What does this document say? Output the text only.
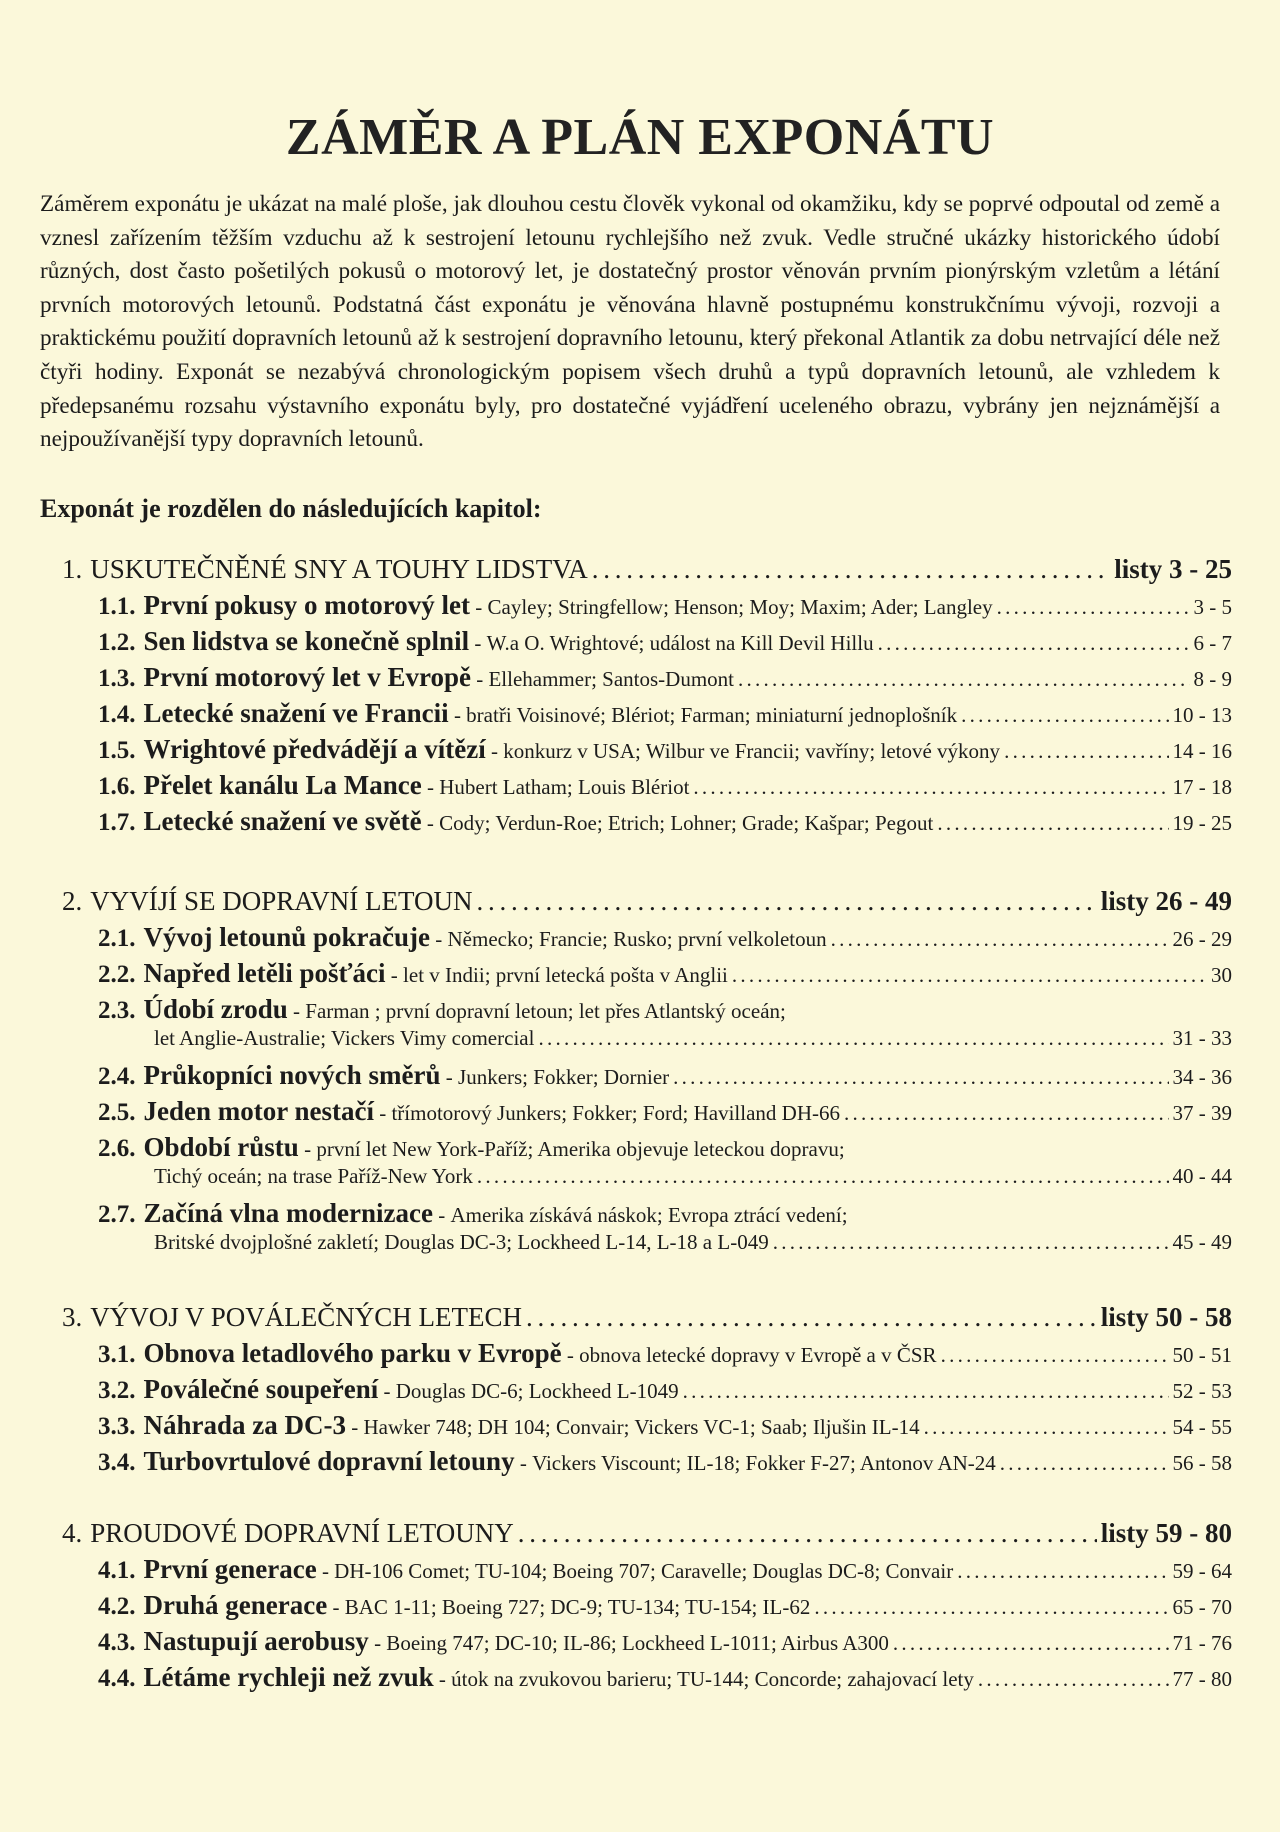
ZÁMĚR A PLÁN EXPONÁTU
Záměrem exponátu je ukázat na malé ploše, jak dlouhou cestu člověk vykonal od okamžiku, kdy se poprvé odpoutal od země a vznesl zařízením těžším vzduchu až k sestrojení letounu rychlejšího než zvuk. Vedle stručné ukázky historického údobí různých, dost často pošetilých pokusů o motorový let, je dostatečný prostor věnován prvním pionýrským vzletům a létání prvních motorových letounů. Podstatná část exponátu je věnována hlavně postupnému konstrukčnímu vývoji, rozvoji a praktickému použití dopravních letounů až k sestrojení dopravního letounu, který překonal Atlantik za dobu netrvající déle než čtyři hodiny. Exponát se nezabývá chronologickým popisem všech druhů a typů dopravních letounů, ale vzhledem k předepsanému rozsahu výstavního exponátu byly, pro dostatečné vyjádření uceleného obrazu, vybrány jen nejznámější a nejpoužívanější typy dopravních letounů.
Exponát je rozdělen do následujících kapitol:
1. USKUTEČNĚNÉ SNY A TOUHY LIDSTVA . . .	listy 3 - 25
1.1. První pokusy o motorový let - Cayley; Stringfellow; Henson; Moy; Maxim; Ader; Langley . . .	3 - 5
1.2. Sen lidstva se konečně splnil - W.a O. Wrightové; událost na Kill Devil Hillu . . .	6 - 7
1.3. První motorový let v Evropě - Ellehammer; Santos-Dumont . . .	8 - 9
1.4. Letecké snažení ve Francii - bratři Voisinové; Blériot; Farman; miniaturní jednoplošník . . .	10 - 13
1.5. Wrightové předvádějí a vítězí - konkurz v USA; Wilbur ve Francii; vavříny; letové výkony . . .	14 - 16
1.6. Přelet kanálu La Mance - Hubert Latham; Louis Blériot . . .	17 - 18
1.7. Letecké snažení ve světě - Cody; Verdun-Roe; Etrich; Lohner; Grade; Kašpar; Pegout . . .	19 - 25
2. VYVÍJÍ SE DOPRAVNÍ LETOUN . . .	listy 26 - 49
2.1. Vývoj letounů pokračuje - Německo; Francie; Rusko; první velkoletoun . . .	26 - 29
2.2. Napřed letěli pošťáci - let v Indii; první letecká pošta v Anglii . . .	30
2.3. Údobí zrodu - Farman ; první dopravní letoun; let přes Atlantský oceán;
let Anglie-Australie; Vickers Vimy comercial . . .	31 - 33
2.4. Průkopníci nových směrů - Junkers; Fokker; Dornier . . .	34 - 36
2.5. Jeden motor nestačí - třímotorový Junkers; Fokker; Ford; Havilland DH-66 . . .	37 - 39
2.6. Období růstu - první let New York-Paříž; Amerika objevuje leteckou dopravu;
Tichý oceán; na trase Paříž-New York . . .	40 - 44
2.7. Začíná vlna modernizace - Amerika získává náskok; Evropa ztrácí vedení;
Britské dvojplošné zakletí; Douglas DC-3; Lockheed L-14, L-18 a L-049 . . .	45 - 49
3. VÝVOJ V POVÁLEČNÝCH LETECH . . .	listy 50 - 58
3.1. Obnova letadlového parku v Evropě - obnova letecké dopravy v Evropě a v ČSR . . .	50 - 51
3.2. Poválečné soupeření - Douglas DC-6; Lockheed L-1049 . . .	52 - 53
3.3. Náhrada za DC-3 - Hawker 748; DH 104; Convair; Vickers VC-1; Saab; Iljušin IL-14 . . .	54 - 55
3.4. Turbovrtulové dopravní letouny - Vickers Viscount; IL-18; Fokker F-27; Antonov AN-24 . . .	56 - 58
4. PROUDOVÉ DOPRAVNÍ LETOUNY . . .	listy 59 - 80
4.1. První generace - DH-106 Comet; TU-104; Boeing 707; Caravelle; Douglas DC-8; Convair . . .	59 - 64
4.2. Druhá generace - BAC 1-11; Boeing 727; DC-9; TU-134; TU-154; IL-62 . . .	65 - 70
4.3. Nastupují aerobusy - Boeing 747; DC-10; IL-86; Lockheed L-1011; Airbus A300 . . .	71 - 76
4.4. Létáme rychleji než zvuk - útok na zvukovou barieru; TU-144; Concorde; zahajovací lety . . .	77 - 80
